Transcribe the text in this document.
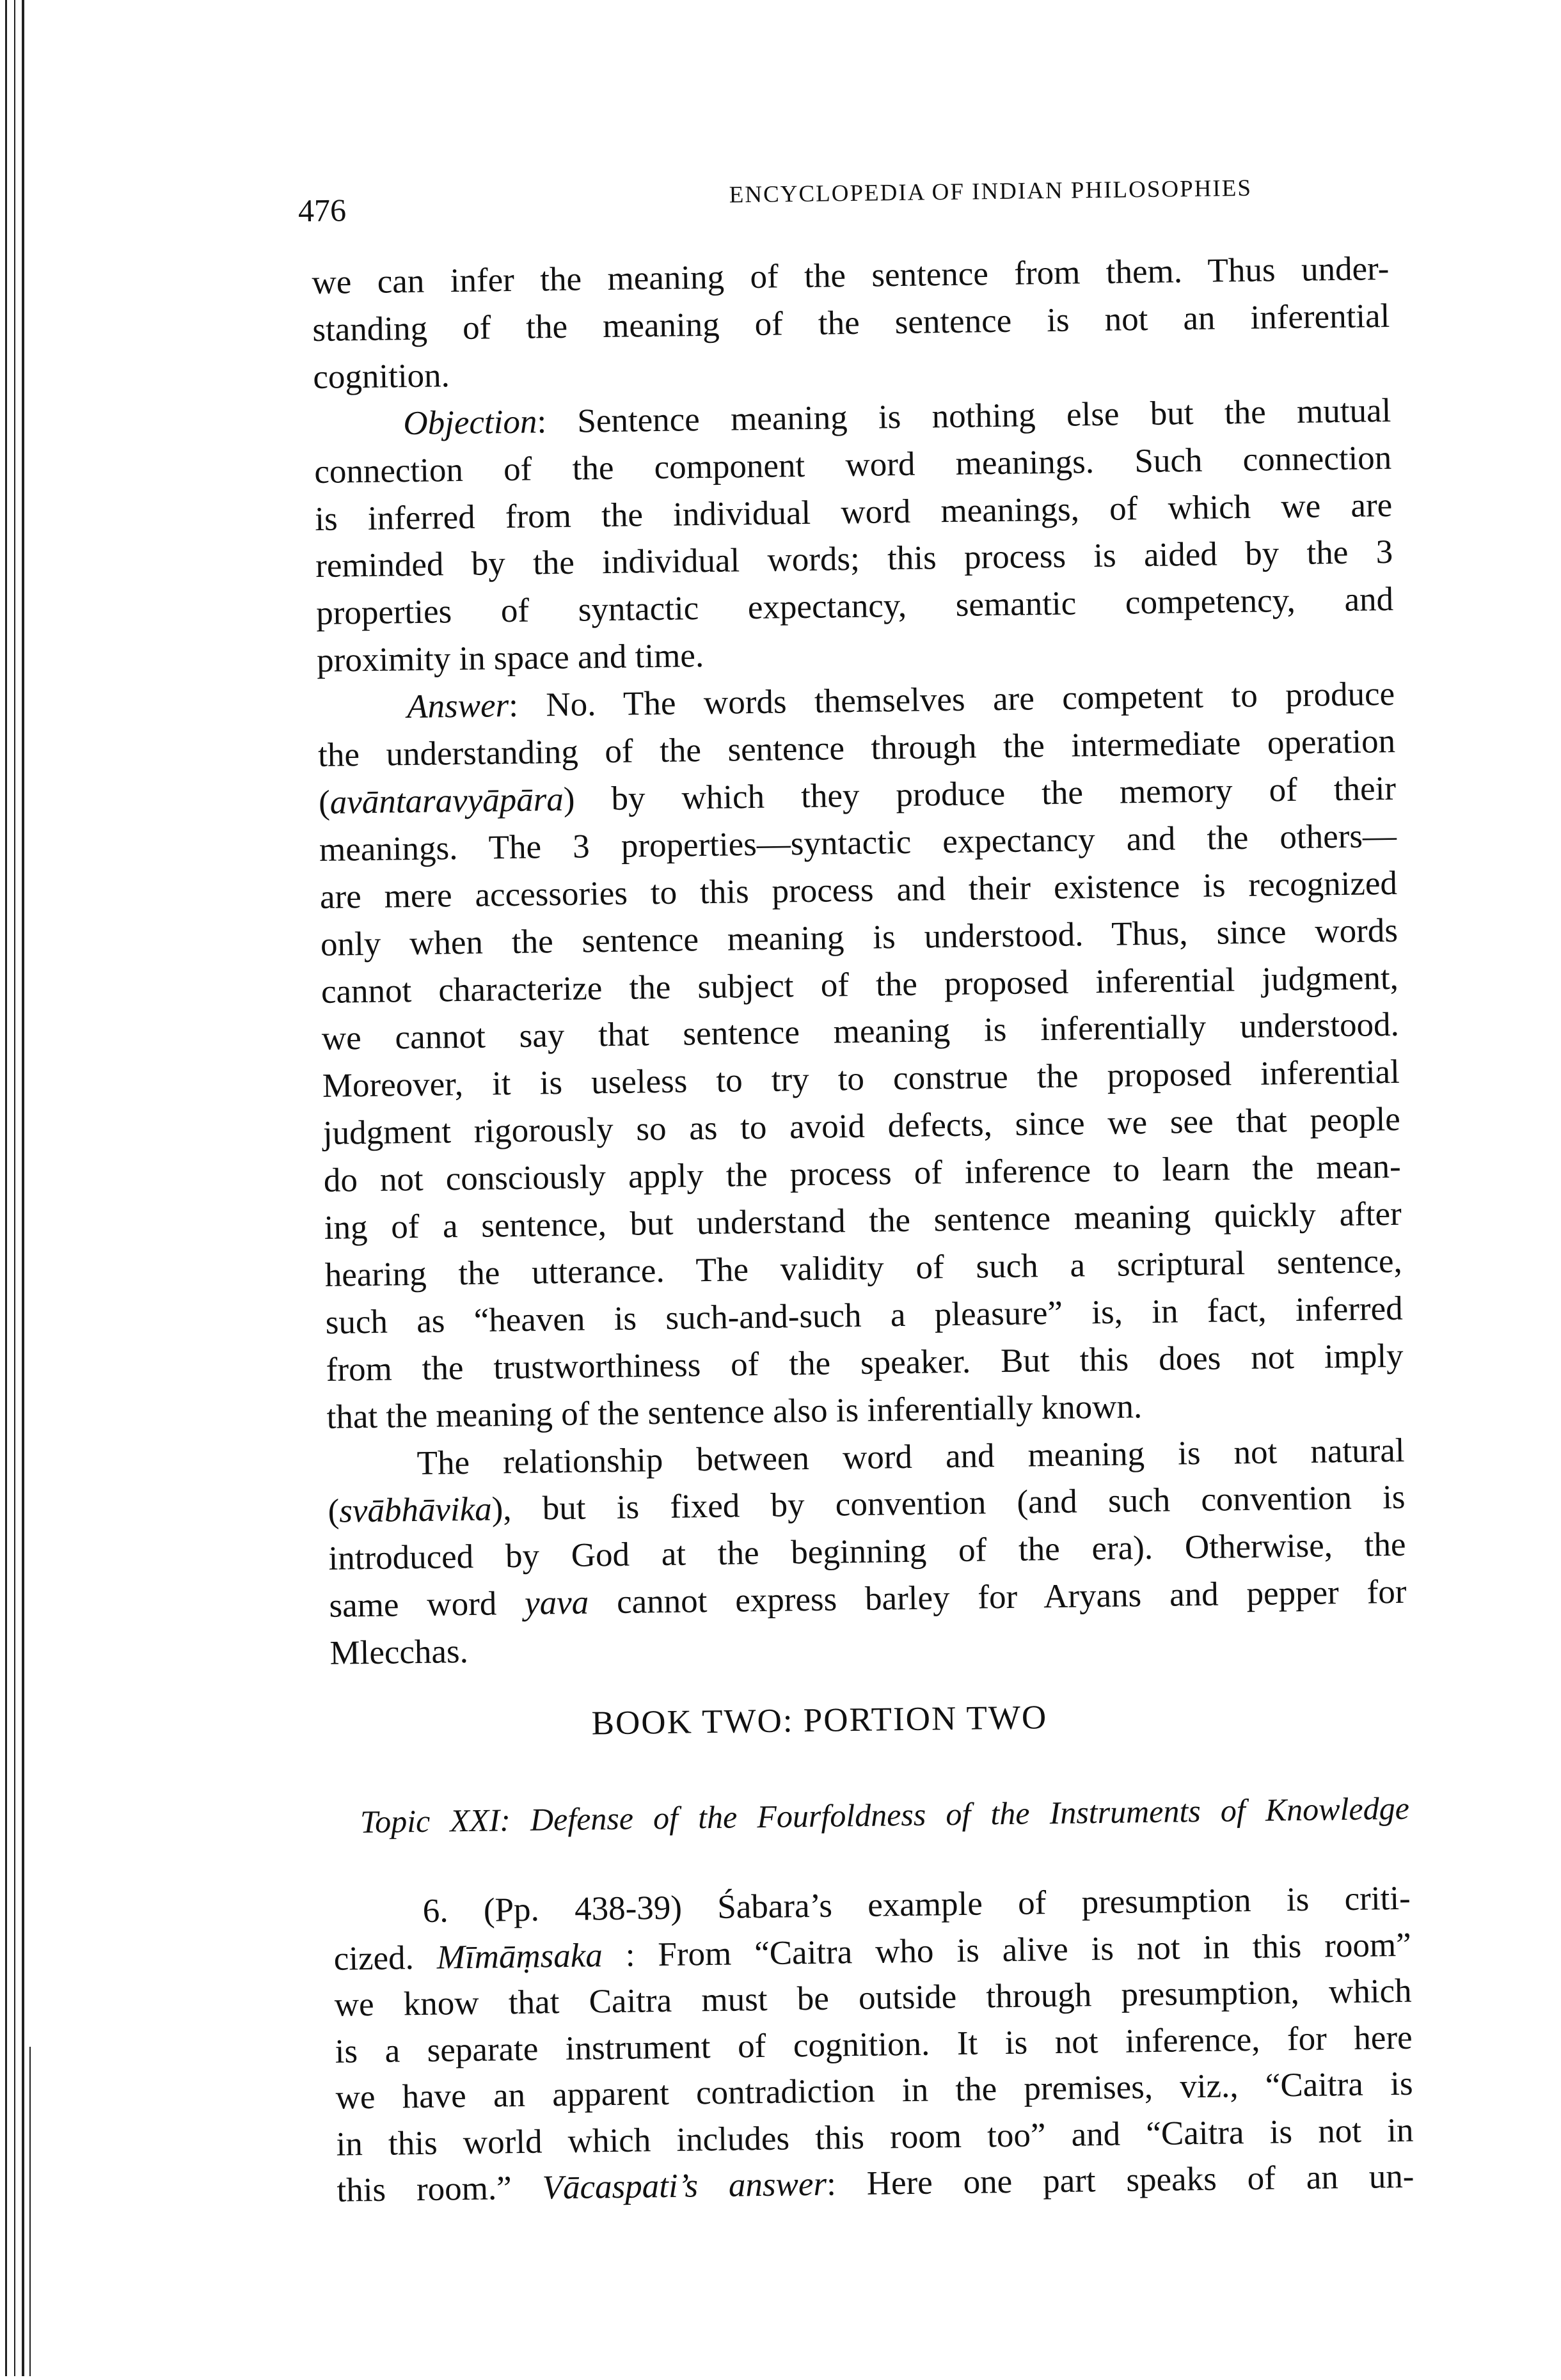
476
ENCYCLOPEDIA OF INDIAN PHILOSOPHIES
we can infer the meaning of the sentence from them. Thus under-
standing of the meaning of the sentence is not an inferential
cognition.
Objection: Sentence meaning is nothing else but the mutual
connection of the component word meanings. Such connection
is inferred from the individual word meanings, of which we are
reminded by the individual words; this process is aided by the 3
properties of syntactic expectancy, semantic competency, and
proximity in space and time.
Answer: No. The words themselves are competent to produce
the understanding of the sentence through the intermediate operation
(avāntaravyāpāra) by which they produce the memory of their
meanings. The 3 properties—syntactic expectancy and the others—
are mere accessories to this process and their existence is recognized
only when the sentence meaning is understood. Thus, since words
cannot characterize the subject of the proposed inferential judgment,
we cannot say that sentence meaning is inferentially understood.
Moreover, it is useless to try to construe the proposed inferential
judgment rigorously so as to avoid defects, since we see that people
do not consciously apply the process of inference to learn the mean-
ing of a sentence, but understand the sentence meaning quickly after
hearing the utterance. The validity of such a scriptural sentence,
such as “heaven is such-and-such a pleasure” is, in fact, inferred
from the trustworthiness of the speaker. But this does not imply
that the meaning of the sentence also is inferentially known.
The relationship between word and meaning is not natural
(svābhāvika), but is fixed by convention (and such convention is
introduced by God at the beginning of the era). Otherwise, the
same word yava cannot express barley for Aryans and pepper for
Mlecchas.
BOOK TWO: PORTION TWO
Topic XXI: Defense of the Fourfoldness of the Instruments of Knowledge
6. (Pp. 438-39) Śabara’s example of presumption is criti-
cized. Mīmāṃsaka : From “Caitra who is alive is not in this room”
we know that Caitra must be outside through presumption, which
is a separate instrument of cognition. It is not inference, for here
we have an apparent contradiction in the premises, viz., “Caitra is
in this world which includes this room too” and “Caitra is not in
this room.” Vācaspati’s answer: Here one part speaks of an un-
